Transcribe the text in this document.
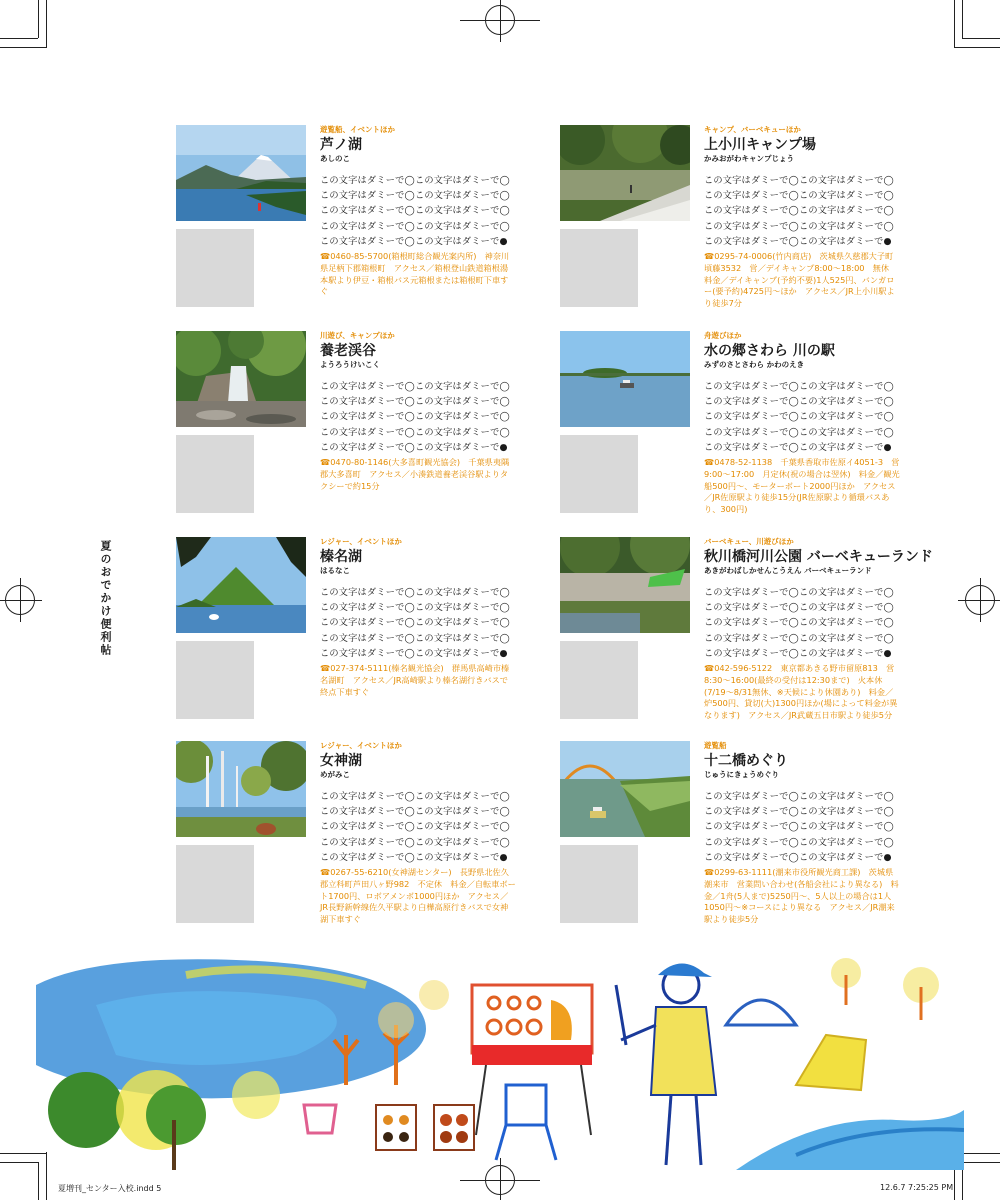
夏のおでかけ便利帖
遊覧船、イベントほか
芦ノ湖
あしのこ
この文字はダミーで◯この文字はダミーで◯
この文字はダミーで◯この文字はダミーで◯
この文字はダミーで◯この文字はダミーで◯
この文字はダミーで◯この文字はダミーで◯
この文字はダミーで◯この文字はダミーで●
☎0460-85-5700(箱根町総合観光案内所)　神奈川県足柄下郡箱根町　アクセス／箱根登山鉄道箱根湯本駅より伊豆・箱根バス元箱根または箱根町下車すぐ
川遊び、キャンプほか
養老渓谷
ようろうけいこく
この文字はダミーで◯この文字はダミーで◯
この文字はダミーで◯この文字はダミーで◯
この文字はダミーで◯この文字はダミーで◯
この文字はダミーで◯この文字はダミーで◯
この文字はダミーで◯この文字はダミーで●
☎0470-80-1146(大多喜町観光協会)　千葉県夷隅郡大多喜町　アクセス／小湊鉄道養老渓谷駅よりタクシーで約15分
レジャー、イベントほか
榛名湖
はるなこ
この文字はダミーで◯この文字はダミーで◯
この文字はダミーで◯この文字はダミーで◯
この文字はダミーで◯この文字はダミーで◯
この文字はダミーで◯この文字はダミーで◯
この文字はダミーで◯この文字はダミーで●
☎027-374-5111(榛名観光協会)　群馬県高崎市榛名湖町　アクセス／JR高崎駅より榛名湖行きバスで終点下車すぐ
レジャー、イベントほか
女神湖
めがみこ
この文字はダミーで◯この文字はダミーで◯
この文字はダミーで◯この文字はダミーで◯
この文字はダミーで◯この文字はダミーで◯
この文字はダミーで◯この文字はダミーで◯
この文字はダミーで◯この文字はダミーで●
☎0267-55-6210(女神湖センター)　長野県北佐久郡立科町芦田八ヶ野982　不定休　料金／自転車ボート1700円、ロボアメンボ1000円ほか　アクセス／JR長野新幹線佐久平駅より白樺高原行きバスで女神湖下車すぐ
キャンプ、バーベキューほか
上小川キャンプ場
かみおがわキャンプじょう
この文字はダミーで◯この文字はダミーで◯
この文字はダミーで◯この文字はダミーで◯
この文字はダミーで◯この文字はダミーで◯
この文字はダミーで◯この文字はダミーで◯
この文字はダミーで◯この文字はダミーで●
☎0295-74-0006(竹内商店)　茨城県久慈郡大子町頃藤3532　営／デイキャンプ8:00～18:00　無休　料金／デイキャンプ(予約不要)1人525円、バンガロー(要予約)4725円～ほか　アクセス／JR上小川駅より徒歩7分
舟遊びほか
水の郷さわら 川の駅
みずのさとさわら かわのえき
この文字はダミーで◯この文字はダミーで◯
この文字はダミーで◯この文字はダミーで◯
この文字はダミーで◯この文字はダミーで◯
この文字はダミーで◯この文字はダミーで◯
この文字はダミーで◯この文字はダミーで●
☎0478-52-1138　千葉県香取市佐原イ4051-3　営9:00～17:00　月定休(祝の場合は翌休)　料金／観光船500円～、モーターボート2000円ほか　アクセス／JR佐原駅より徒歩15分(JR佐原駅より循環バスあり、300円)
バーベキュー、川遊びほか
秋川橋河川公園 バーベキューランド
あきがわばしかせんこうえん バーベキューランド
この文字はダミーで◯この文字はダミーで◯
この文字はダミーで◯この文字はダミーで◯
この文字はダミーで◯この文字はダミーで◯
この文字はダミーで◯この文字はダミーで◯
この文字はダミーで◯この文字はダミーで●
☎042-596-5122　東京都あきる野市留原813　営8:30～16:00(最終の受付は12:30まで)　火本休(7/19～8/31無休、※天候により休園あり)　料金／炉500円、貸切(大)1300円ほか(場によって料金が異なります)　アクセス／JR武蔵五日市駅より徒歩5分
遊覧船
十二橋めぐり
じゅうにきょうめぐり
この文字はダミーで◯この文字はダミーで◯
この文字はダミーで◯この文字はダミーで◯
この文字はダミーで◯この文字はダミーで◯
この文字はダミーで◯この文字はダミーで◯
この文字はダミーで◯この文字はダミーで●
☎0299-63-1111(潮来市役所観光商工課)　茨城県潮来市　営業問い合わせ(各船会社により異なる)　料金／1舟(5人まで)5250円～、5人以上の場合は1人1050円～※コースにより異なる　アクセス／JR潮来駅より徒歩5分
夏増刊_センター入校.indd 5	12.6.7 7:25:25 PM
